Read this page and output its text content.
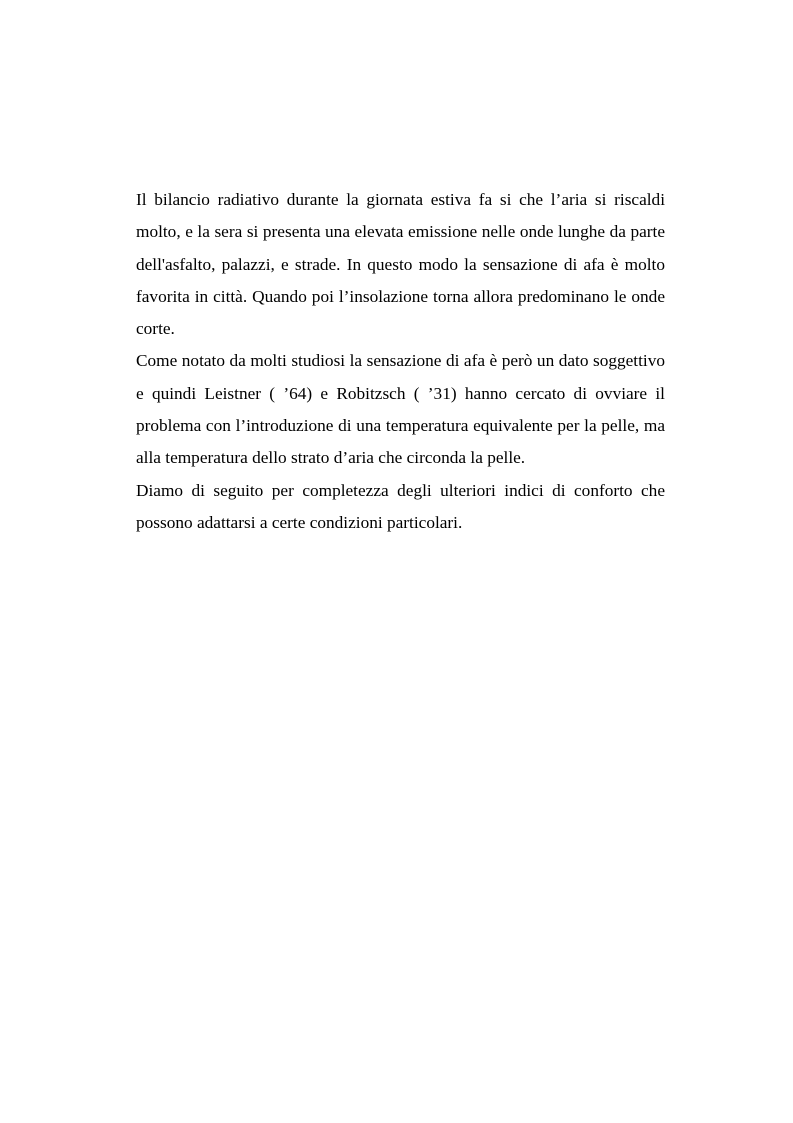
Il bilancio radiativo durante la giornata estiva fa si che l’aria si riscaldi molto, e la sera si presenta una elevata emissione nelle onde lunghe da parte dell'asfalto, palazzi, e strade. In questo modo la sensazione di afa è molto favorita in città. Quando poi l’insolazione torna allora predominano le onde corte.

Come notato da molti studiosi la sensazione di afa è però un dato soggettivo e quindi Leistner ( ’64) e Robitzsch ( ’31) hanno cercato di ovviare il problema con l’introduzione di una temperatura equivalente per la pelle, ma alla temperatura dello strato d’aria che circonda la pelle.

Diamo di seguito per completezza degli ulteriori indici di conforto che possono adattarsi a certe condizioni particolari.
